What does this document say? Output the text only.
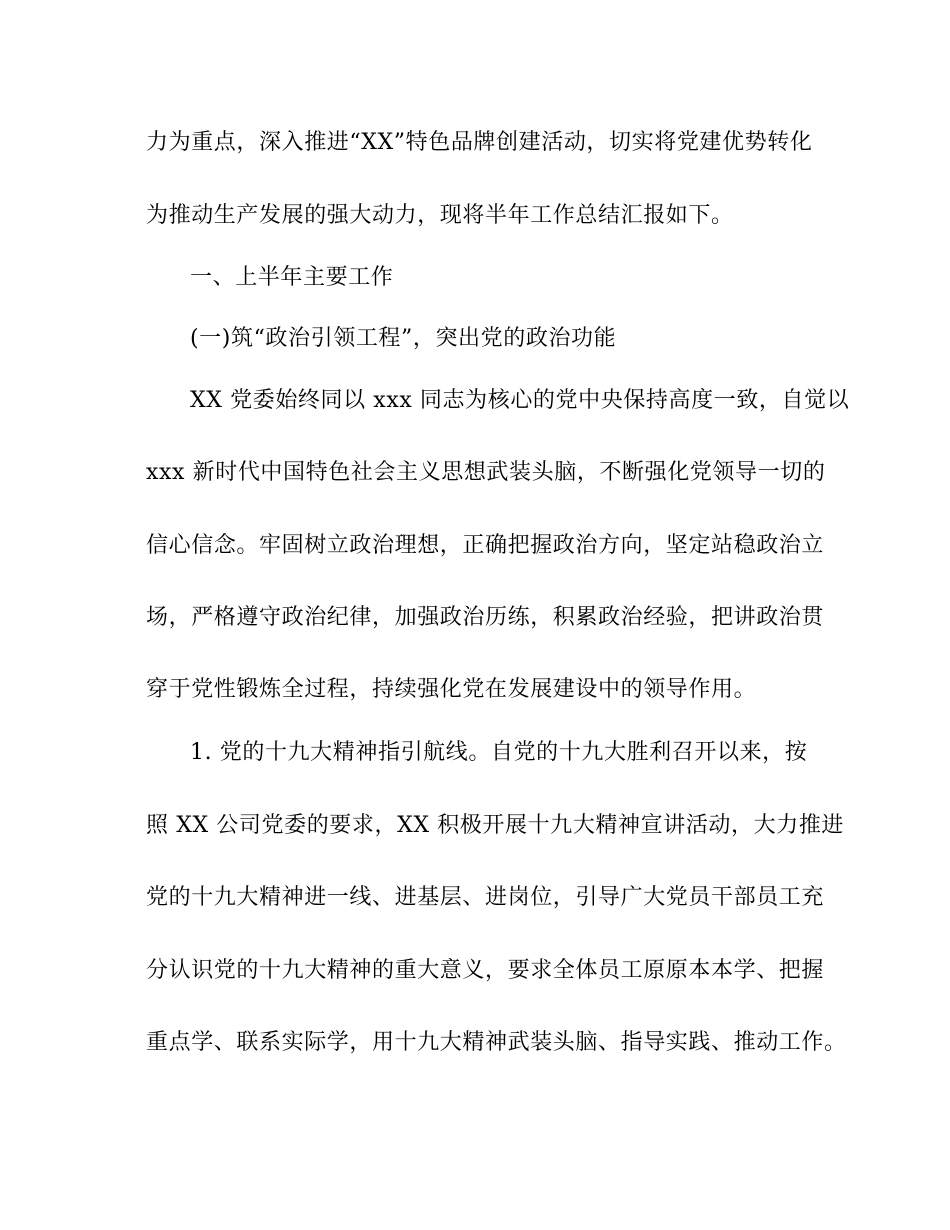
力为重点，深入推进“XX”特色品牌创建活动，切实将党建优势转化
为推动生产发展的强大动力，现将半年工作总结汇报如下。
一、上半年主要工作
(一)筑“政治引领工程”，突出党的政治功能
XX 党委始终同以 xxx 同志为核心的党中央保持高度一致，自觉以
xxx 新时代中国特色社会主义思想武装头脑，不断强化党领导一切的
信心信念。牢固树立政治理想，正确把握政治方向，坚定站稳政治立
场，严格遵守政治纪律，加强政治历练，积累政治经验，把讲政治贯
穿于党性锻炼全过程，持续强化党在发展建设中的领导作用。
1. 党的十九大精神指引航线。自党的十九大胜利召开以来，按
照 XX 公司党委的要求，XX 积极开展十九大精神宣讲活动，大力推进
党的十九大精神进一线、进基层、进岗位，引导广大党员干部员工充
分认识党的十九大精神的重大意义，要求全体员工原原本本学、把握
重点学、联系实际学，用十九大精神武装头脑、指导实践、推动工作。
